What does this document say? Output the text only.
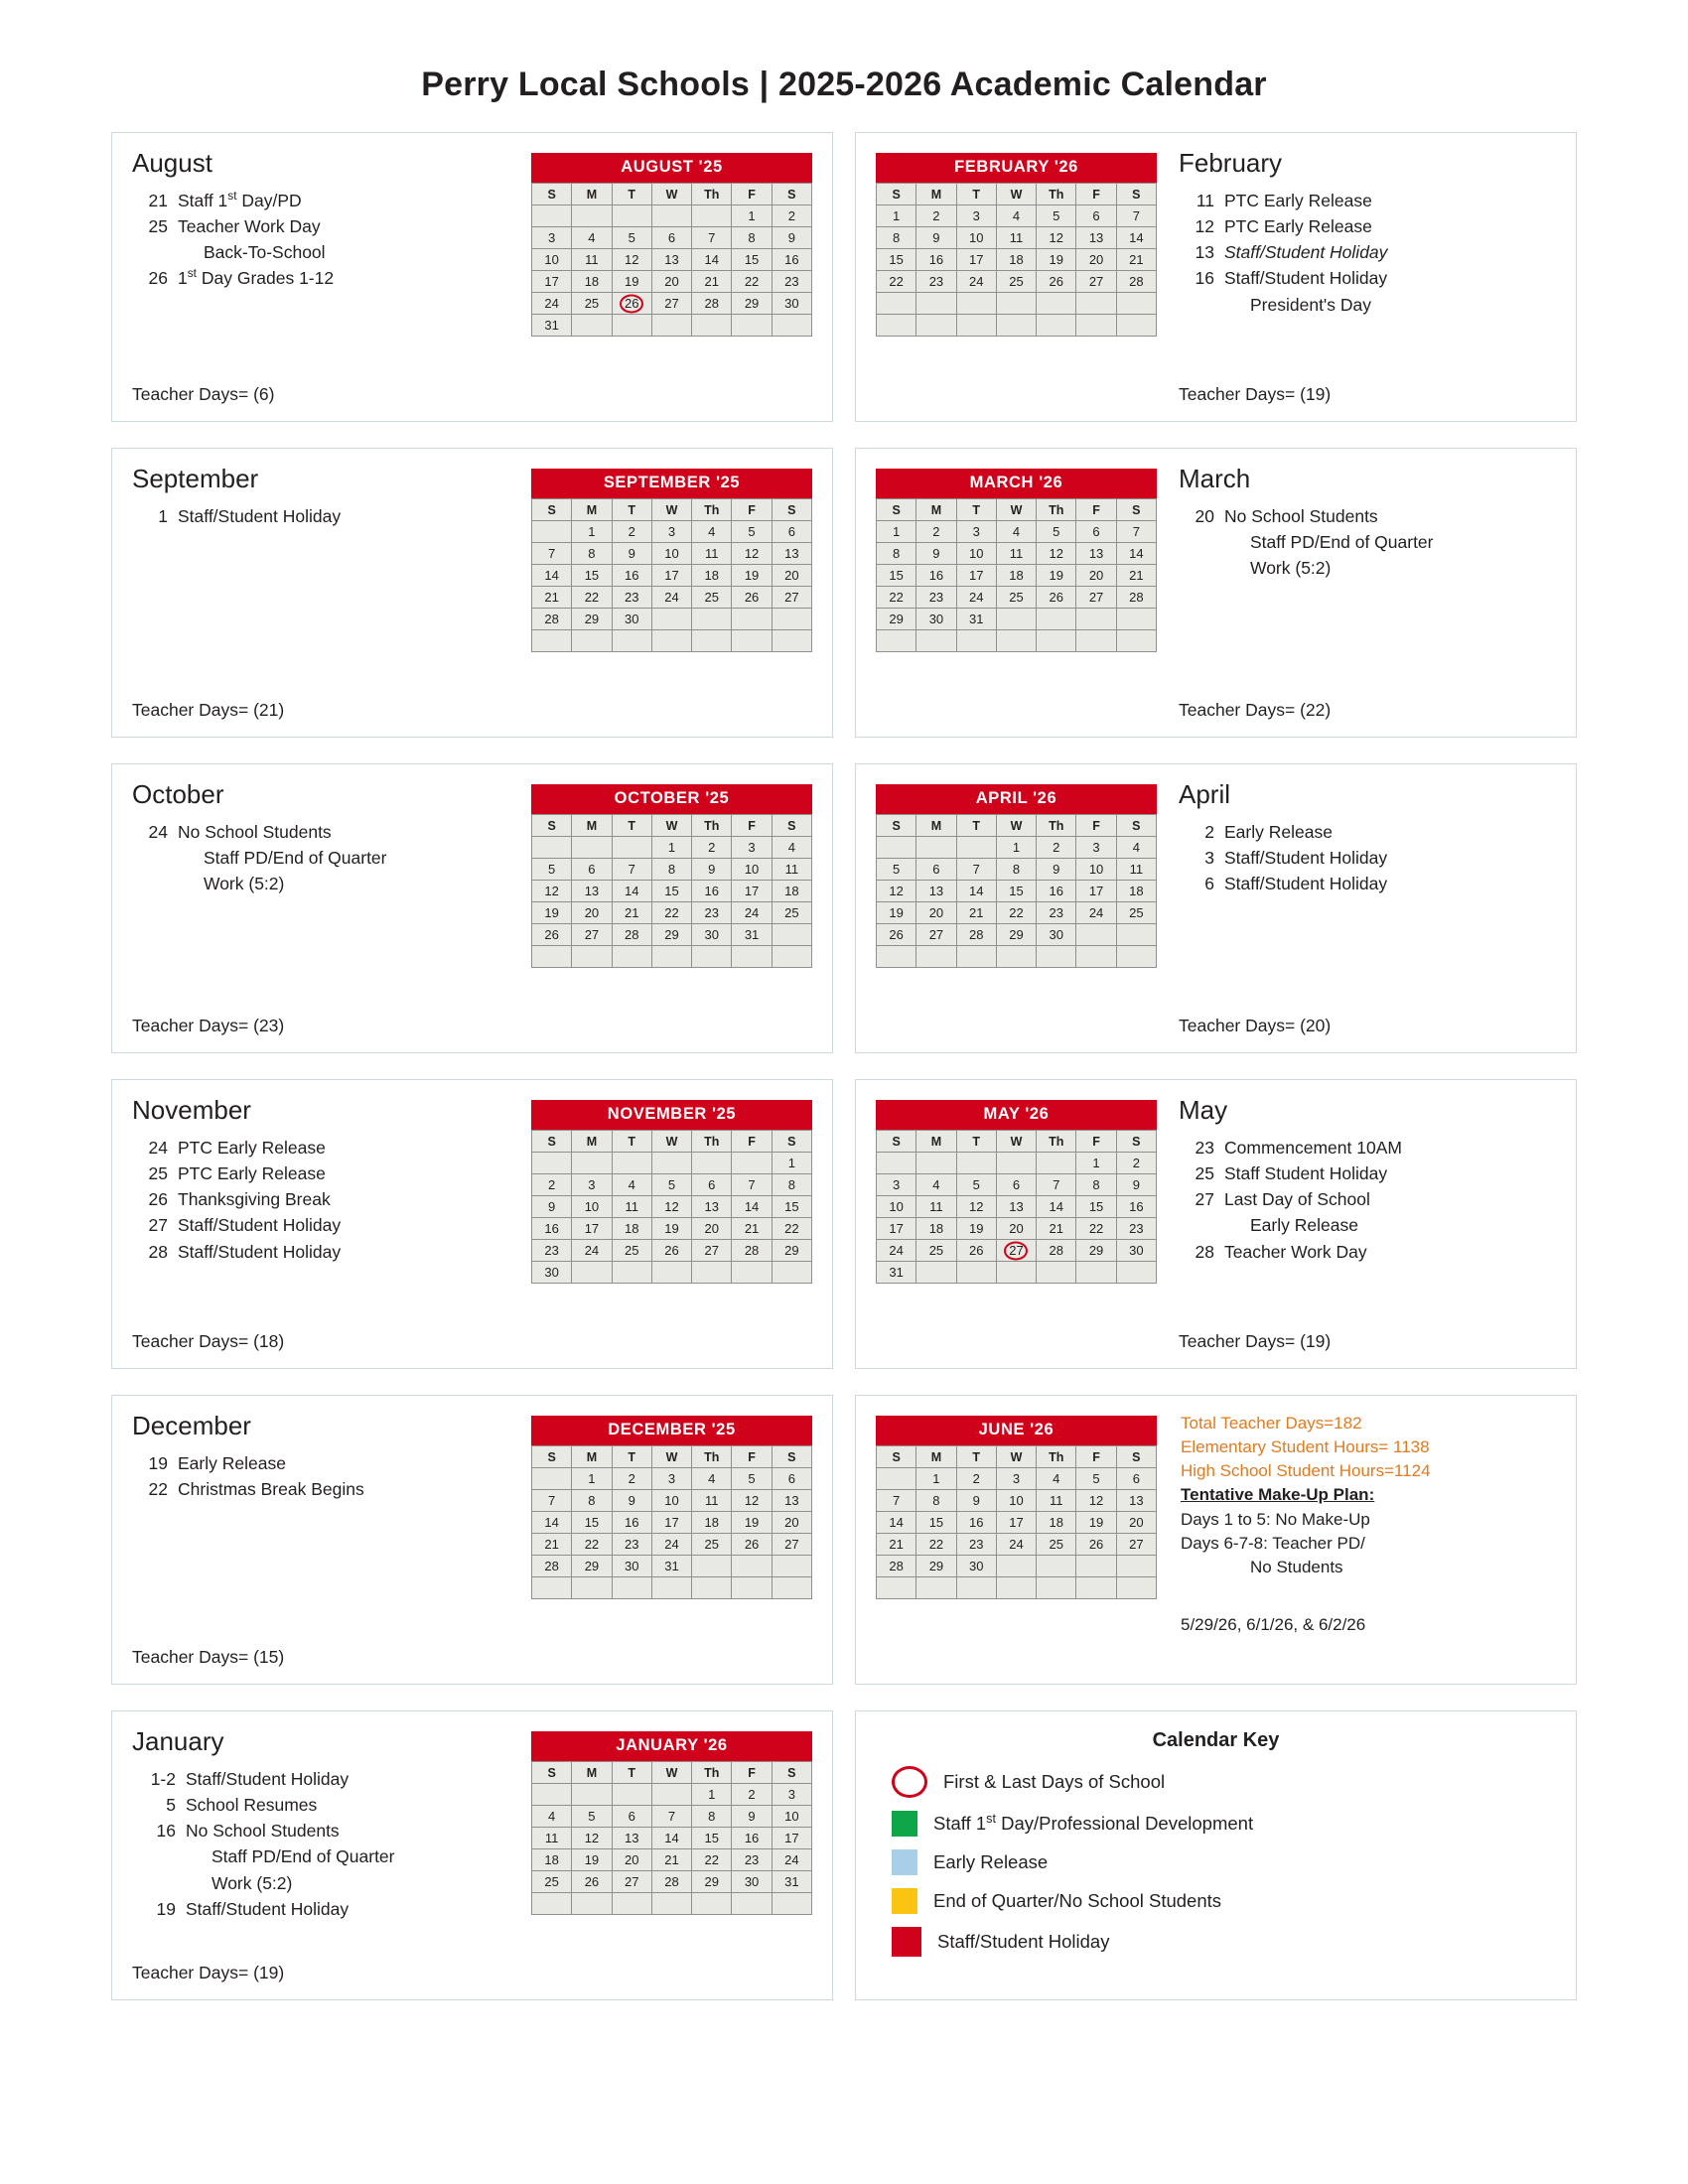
Perry Local Schools | 2025-2026 Academic Calendar
August
21 Staff 1st Day/PD
25 Teacher Work Day
Back-To-School
26 1st Day Grades 1-12
Teacher Days= (6)
AUGUST '25
S	M	T	W	Th	F	S
					1	2
3	4	5	6	7	8	9
10	11	12	13	14	15	16
17	18	19	20	21	22	23
24	25	26	27	28	29	30
31						
FEBRUARY '26
S	M	T	W	Th	F	S
1	2	3	4	5	6	7
8	9	10	11	12	13	14
15	16	17	18	19	20	21
22	23	24	25	26	27	28

February
11 PTC Early Release
12 PTC Early Release
13 Staff/Student Holiday
16 Staff/Student Holiday
President's Day
Teacher Days= (19)
September
1 Staff/Student Holiday
Teacher Days= (21)
SEPTEMBER '25
S	M	T	W	Th	F	S
	1	2	3	4	5	6
7	8	9	10	11	12	13
14	15	16	17	18	19	20
21	22	23	24	25	26	27
28	29	30				

MARCH '26
S	M	T	W	Th	F	S
1	2	3	4	5	6	7
8	9	10	11	12	13	14
15	16	17	18	19	20	21
22	23	24	25	26	27	28
29	30	31				

March
20 No School Students
Staff PD/End of Quarter
Work (5:2)
Teacher Days= (22)
October
24 No School Students
Staff PD/End of Quarter
Work (5:2)
Teacher Days= (23)
OCTOBER '25
S	M	T	W	Th	F	S
			1	2	3	4
5	6	7	8	9	10	11
12	13	14	15	16	17	18
19	20	21	22	23	24	25
26	27	28	29	30	31	

APRIL '26
S	M	T	W	Th	F	S
			1	2	3	4
5	6	7	8	9	10	11
12	13	14	15	16	17	18
19	20	21	22	23	24	25
26	27	28	29	30		

April
2 Early Release
3 Staff/Student Holiday
6 Staff/Student Holiday
Teacher Days= (20)
November
24 PTC Early Release
25 PTC Early Release
26 Thanksgiving Break
27 Staff/Student Holiday
28 Staff/Student Holiday
Teacher Days= (18)
NOVEMBER '25
S	M	T	W	Th	F	S
						1
2	3	4	5	6	7	8
9	10	11	12	13	14	15
16	17	18	19	20	21	22
23	24	25	26	27	28	29
30						
MAY '26
S	M	T	W	Th	F	S
					1	2
3	4	5	6	7	8	9
10	11	12	13	14	15	16
17	18	19	20	21	22	23
24	25	26	27	28	29	30
31						
May
23 Commencement 10AM
25 Staff Student Holiday
27 Last Day of School
Early Release
28 Teacher Work Day
Teacher Days= (19)
December
19 Early Release
22 Christmas Break Begins
Teacher Days= (15)
DECEMBER '25
S	M	T	W	Th	F	S
	1	2	3	4	5	6
7	8	9	10	11	12	13
14	15	16	17	18	19	20
21	22	23	24	25	26	27
28	29	30	31			

JUNE '26
S	M	T	W	Th	F	S
	1	2	3	4	5	6
7	8	9	10	11	12	13
14	15	16	17	18	19	20
21	22	23	24	25	26	27
28	29	30				

Total Teacher Days=182
Elementary Student Hours= 1138
High School Student Hours=1124
Tentative Make-Up Plan:
Days 1 to 5: No Make-Up
Days 6-7-8: Teacher PD/
No Students
5/29/26, 6/1/26, & 6/2/26
January
1-2 Staff/Student Holiday
5 School Resumes
16 No School Students
Staff PD/End of Quarter
Work (5:2)
19 Staff/Student Holiday
Teacher Days= (19)
JANUARY '26
S	M	T	W	Th	F	S
				1	2	3
4	5	6	7	8	9	10
11	12	13	14	15	16	17
18	19	20	21	22	23	24
25	26	27	28	29	30	31

Calendar Key
First & Last Days of School
Staff 1st Day/Professional Development
Early Release
End of Quarter/No School Students
Staff/Student Holiday
